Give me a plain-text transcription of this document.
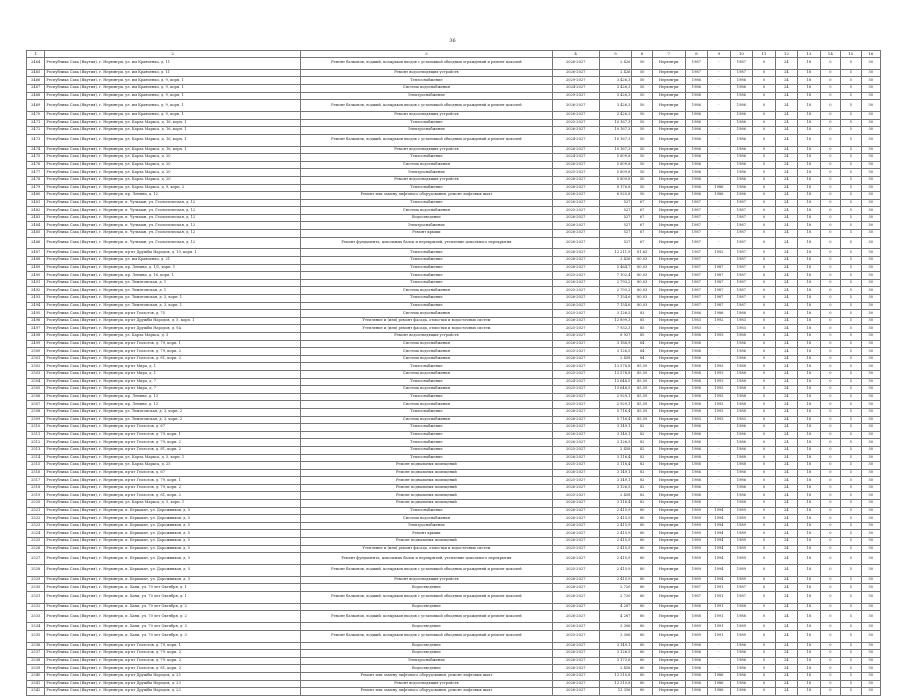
36
1	2	3	4	5	6	7	8	9	10	11	12	13	14	15	16
2464	Республика Саха (Якутия), г. Нерюнгри, ул. им Кравченко, д. 11	Ремонт балконов, лоджий, козырьков входов с установкой обходных ограждений и ремонт цоколей	2026-2027	2 426	50	Нерюнгри	1987	-	1987	0	24	18	0	5	50
2465	Республика Саха (Якутия), г. Нерюнгри, ул. им Кравченко, д. 11	Ремонт водоотводящих устройств	2026-2027	2 426	50	Нерюнгри	1987	-	1987	0	24	18	0	5	50
2466	Республика Саха (Якутия), г. Нерюнгри, ул. им Кравченко, д. 9, корп. 1	Теплоснабжение	2029-2027	3 426,3	50	Нерюнгри	1986	-	1986	0	24	18	0	5	50
2467	Республика Саха (Якутия), г. Нерюнгри, ул. им Кравченко, д. 9, корп. 1	Система водоснабжения	2024-2027	3 426,3	50	Нерюнгри	1986	-	1986	0	24	18	0	5	50
2468	Республика Саха (Якутия), г. Нерюнгри, ул. им Кравченко, д. 9, корп. 1	Электроснабжение	2029-2027	3 426,3	50	Нерюнгри	1986	-	1986	0	24	18	0	5	50
2469	Республика Саха (Якутия), г. Нерюнгри, ул. им Кравченко, д. 9, корп. 1	Ремонт балконов, лоджий, козырьков входов с установкой обходных ограждений и ремонт цоколей	2026-2027	3 426,3	50	Нерюнгри	1986	-	1986	0	24	18	0	5	50
2470	Республика Саха (Якутия), г. Нерюнгри, ул. им Кравченко, д. 9, корп. 1	Ремонт водоотводящих устройств	2026-2027	3 426,3	50	Нерюнгри	1986	-	1986	0	24	18	0	5	50
2471	Республика Саха (Якутия), г. Нерюнгри, ул. Карла Маркса, д. 16, корп. 1	Теплоснабжение	2025-2027	10 167,3	50	Нерюнгри	1986	-	1986	0	24	18	0	5	50
2472	Республика Саха (Якутия), г. Нерюнгри, ул. Карла Маркса, д. 16, корп. 1	Электроснабжение	2026-2027	10 167,3	50	Нерюнгри	1986	-	1986	0	24	18	0	5	50
2473	Республика Саха (Якутия), г. Нерюнгри, ул. Карла Маркса, д. 16, корп. 1	Ремонт балконов, лоджий, козырьков входов с установкой обходных ограждений и ремонт цоколей	2024-2027	10 167,3	50	Нерюнгри	1986	-	1986	0	24	18	0	5	50
2474	Республика Саха (Якутия), г. Нерюнгри, ул. Карла Маркса, д. 16, корп. 1	Ремонт водоотводящих устройств	2026-2027	10 167,3	50	Нерюнгри	1986	-	1986	0	24	18	0	5	50
2475	Республика Саха (Якутия), г. Нерюнгри, ул. Карла Маркса, д. 20	Теплоснабжение	2024-2027	5 809,8	50	Нерюнгри	1986	-	1986	0	24	18	0	5	50
2476	Республика Саха (Якутия), г. Нерюнгри, ул. Карла Маркса, д. 20	Система водоснабжения	2026-2027	5 809,8	50	Нерюнгри	1986	-	1986	0	24	18	0	5	50
2477	Республика Саха (Якутия), г. Нерюнгри, ул. Карла Маркса, д. 20	Электроснабжение	2025-2027	5 809,8	50	Нерюнгри	1986	-	1986	0	24	18	0	5	50
2478	Республика Саха (Якутия), г. Нерюнгри, ул. Карла Маркса, д. 20	Ремонт водоотводящих устройств	2026-2027	5 809,8	50	Нерюнгри	1986	-	1986	0	24	18	0	5	50
2479	Республика Саха (Якутия), г. Нерюнгри, ул. Карла Маркса, д. 9, корп. 2	Теплоснабжение	2026-2027	8 176,8	50	Нерюнгри	1986	1986	1986	0	24	18	0	5	50
2480	Республика Саха (Якутия), г. Нерюнгри, пр. Ленина, д. 12	Ремонт или замену лифтового оборудования, ремонт лифтовых шахт	2026-2027	6 925,8	50	Нерюнгри	1986	1986	1986	0	24	18	0	5	50
2481	Республика Саха (Якутия), г. Нерюнгри, п. Чульман, ул. Геологическая, д. 12	Теплоснабжение	2026-2027	527	67	Нерюнгри	1987	-	1987	0	24	18	0	5	50
2482	Республика Саха (Якутия), г. Нерюнгри, п. Чульман, ул. Геологическая, д. 12	Система водоснабжения	2025-2027	527	67	Нерюнгри	1987	-	1987	0	24	18	0	5	50
2483	Республика Саха (Якутия), г. Нерюнгри, п. Чульман, ул. Геологическая, д. 12	Водоотведение	2026-2027	527	67	Нерюнгри	1987	-	1987	0	24	18	0	5	50
2484	Республика Саха (Якутия), г. Нерюнгри, п. Чульман, ул. Геологическая, д. 12	Электроснабжение	2026-2027	527	67	Нерюнгри	1987	-	1987	0	24	18	0	5	50
2485	Республика Саха (Якутия), г. Нерюнгри, п. Чульман, ул. Геологическая, д. 12	Ремонт крыши	2026-2027	527	67	Нерюнгри	1987	-	1987	0	24	18	0	5	50
2486	Республика Саха (Якутия), г. Нерюнгри, п. Чульман, ул. Геологическая, д. 12	Ремонт фундамента, цокольных балок и перекрытий, утепление цокольного перекрытия	2026-2027	527	67	Нерюнгри	1987	-	1987	0	24	18	0	5	50
2487	Республика Саха (Якутия), г. Нерюнгри, пр-кт Дружбы Народов, д. 19, корп. 1	Теплоснабжение	2026-2027	12 211,9	81,63	Нерюнгри	1987	1992	1987	0	24	18	0	5	50
2488	Республика Саха (Якутия), г. Нерюнгри, ул. им Кравченко, д. 21	Теплоснабжение	2026-2027	3 426	80,03	Нерюнгри	1987	-	1987	0	24	18	0	5	50
2489	Республика Саха (Якутия), г. Нерюнгри, пр. Ленина, д. 1/1, корп. 1	Теплоснабжение	2026-2027	5 464,7	80,03	Нерюнгри	1987	1987	1987	0	24	18	0	5	50
2490	Республика Саха (Якутия), г. Нерюнгри, пр. Ленина, д. 16, корп. 1	Теплоснабжение	2025-2027	7 102,4	80,03	Нерюнгри	1987	1987	1987	0	24	18	0	5	50
2491	Республика Саха (Якутия), г. Нерюнгри, ул. Тимптонская, д. 1	Теплоснабжение	2026-2027	2 793,2	80,03	Нерюнгри	1987	1987	1987	0	24	18	0	5	50
2492	Республика Саха (Якутия), г. Нерюнгри, ул. Тимптонская, д. 1	Система водоснабжения	2025-2027	2 793,2	80,03	Нерюнгри	1987	1987	1987	0	24	18	0	5	50
2493	Республика Саха (Якутия), г. Нерюнгри, ул. Тимптонская, д. 3, корп. 1	Теплоснабжение	2026-2027	7 154,6	80,03	Нерюнгри	1987	1987	1987	0	24	18	0	5	50
2494	Республика Саха (Якутия), г. Нерюнгри, ул. Тимптонская, д. 3, корп. 1	Теплоснабжение	2026-2027	7 154,6	80,03	Нерюнгри	1987	1987	1987	0	24	18	0	5	50
2495	Республика Саха (Якутия), г. Нерюнгри, пр-кт Геологов, д. 75	Система водоснабжения	2025-2027	3 126,5	83	Нерюнгри	1986	1986	1986	0	24	18	0	5	50
2496	Республика Саха (Якутия), г. Нерюнгри, пр-кт Дружбы Народов, д. 5, корп. 1	Утепление и (или) ремонт фасада, отмостки и водосточных систем	2026-2027	12 899,3	85	Нерюнгри	1983	1992	1983	0	24	18	0	5	50
2497	Республика Саха (Якутия), г. Нерюнгри, пр-кт Дружбы Народов, д. 9А	Утепление и (или) ремонт фасада, отмостки и водосточных систем	2025-2027	7 932,3	85	Нерюнгри	1983	-	1983	0	24	18	0	5	50
2498	Республика Саха (Якутия), г. Нерюнгри, ул. Карла Маркса, д. 3	Ремонт водоотводящих устройств	2026-2027	8 927	85	Нерюнгри	1988	1993	1988	0	24	18	0	5	50
2499	Республика Саха (Якутия), г. Нерюнгри, пр-кт Геологов, д. 79, корп. 1	Система водоснабжения	2026-2027	3 186,9	84	Нерюнгри	1986	-	1986	0	24	18	0	5	50
2500	Республика Саха (Якутия), г. Нерюнгри, пр-кт Геологов, д. 79, корп. 2	Система водоснабжения	2025-2027	3 126,5	84	Нерюнгри	1986	-	1986	0	24	18	0	5	50
2501	Республика Саха (Якутия), г. Нерюнгри, пр-кт Геологов, д. 81, корп. 2	Система водоснабжения	2026-2027	2 458	84	Нерюнгри	1986	-	1986	0	24	18	0	5	50
2502	Республика Саха (Якутия), г. Нерюнгри, пр-кт Мира, д. 1	Теплоснабжение	2026-2027	13 578,8	85,59	Нерюнгри	1988	1993	1988	0	24	18	0	5	50
2503	Республика Саха (Якутия), г. Нерюнгри, пр-кт Мира, д. 1	Система водоснабжения	2025-2027	13 578,8	85,59	Нерюнгри	1988	1993	1988	0	24	18	0	5	50
2504	Республика Саха (Якутия), г. Нерюнгри, пр-кт Мира, д. 7	Теплоснабжение	2024-2027	13 648,5	85,59	Нерюнгри	1988	1993	1988	0	24	18	0	5	50
2505	Республика Саха (Якутия), г. Нерюнгри, пр-кт Мира, д. 7	Система водоснабжения	2025-2027	13 648,5	85,59	Нерюнгри	1988	1993	1988	0	24	18	0	5	50
2506	Республика Саха (Якутия), г. Нерюнгри, пр. Ленина, д. 13	Теплоснабжение	2026-2027	2 929,1	85,59	Нерюнгри	1988	1993	1988	0	24	18	0	5	50
2507	Республика Саха (Якутия), г. Нерюнгри, пр. Ленина, д. 13	Система водоснабжения	2025-2027	2 929,1	85,59	Нерюнгри	1988	1993	1988	0	24	18	0	5	50
2508	Республика Саха (Якутия), г. Нерюнгри, ул. Тимптонская, д. 3, корп. 2	Теплоснабжение	2026-2027	5 716,4	85,59	Нерюнгри	1988	1993	1988	0	24	18	0	5	50
2509	Республика Саха (Якутия), г. Нерюнгри, ул. Тимптонская, д. 3, корп. 2	Система водоснабжения	2026-2027	5 716,4	85,59	Нерюнгри	1983	1993	1983	0	24	18	0	5	50
2510	Республика Саха (Якутия), г. Нерюнгри, пр-кт Геологов, д. 67	Теплоснабжение	2026-2027	3 149,1	82	Нерюнгри	1986	-	1986	0	24	18	0	5	50
2511	Республика Саха (Якутия), г. Нерюнгри, пр-кт Геологов, д. 79, корп. 1	Теплоснабжение	2026-2027	3 149,1	82	Нерюнгри	1986	-	1986	0	24	18	0	5	50
2512	Республика Саха (Якутия), г. Нерюнгри, пр-кт Геологов, д. 79, корп. 2	Теплоснабжение	2026-2027	3 126,5	82	Нерюнгри	1986	-	1986	0	24	18	0	5	50
2513	Республика Саха (Якутия), г. Нерюнгри, пр-кт Геологов, д. 81, корп. 2	Теплоснабжение	2025-2027	2 458	82	Нерюнгри	1986	-	1986	0	24	18	0	5	50
2514	Республика Саха (Якутия), г. Нерюнгри, ул. Карла Маркса, д. 5, корп. 1	Теплоснабжение	2026-2027	3 116,4	82	Нерюнгри	1988	-	1988	0	24	18	0	5	50
2515	Республика Саха (Якутия), г. Нерюнгри, ул. Карла Маркса, д. 25	Ремонт подвальных помещений	2025-2027	3 116,4	82	Нерюнгри	1988	-	1988	0	24	18	0	5	50
2516	Республика Саха (Якутия), г. Нерюнгри, пр-кт Геологов, д. 67	Ремонт подвальных помещений	2026-2027	3 149,1	82	Нерюнгри	1986	-	1986	0	24	18	0	5	50
2517	Республика Саха (Якутия), г. Нерюнгри, пр-кт Геологов, д. 79, корп. 1	Ремонт подвальных помещений	2025-2027	3 149,1	82	Нерюнгри	1986	-	1986	0	24	18	0	5	50
2518	Республика Саха (Якутия), г. Нерюнгри, пр-кт Геологов, д. 79, корп. 2	Ремонт подвальных помещений	2026-2027	3 126,5	82	Нерюнгри	1986	-	1986	0	24	18	0	5	50
2519	Республика Саха (Якутия), г. Нерюнгри, пр-кт Геологов, д. 81, корп. 2	Ремонт подвальных помещений	2025-2027	2 458	82	Нерюнгри	1986	-	1986	0	24	18	0	5	50
2520	Республика Саха (Якутия), г. Нерюнгри, ул. Карла Маркса, д. 5, корп. 1	Ремонт подвальных помещений	2026-2027	3 116,4	82	Нерюнгри	1988	-	1988	0	24	18	0	5	50
2521	Республика Саха (Якутия), г. Нерюнгри, п. Беркакит, ул. Дорожников, д. 5	Теплоснабжение	2026-2027	2 415,9	80	Нерюнгри	1989	1994	1989	0	24	18	0	5	50
2522	Республика Саха (Якутия), г. Нерюнгри, п. Беркакит, ул. Дорожников, д. 5	Система водоснабжения	2026-2027	2 415,9	80	Нерюнгри	1989	1994	1989	0	24	18	0	5	50
2523	Республика Саха (Якутия), г. Нерюнгри, п. Беркакит, ул. Дорожников, д. 5	Электроснабжение	2026-2027	2 415,9	80	Нерюнгри	1989	1994	1989	0	24	18	0	5	50
2524	Республика Саха (Якутия), г. Нерюнгри, п. Беркакит, ул. Дорожников, д. 5	Ремонт крыши	2026-2027	2 415,9	80	Нерюнгри	1989	1994	1989	0	24	18	0	5	50
2525	Республика Саха (Якутия), г. Нерюнгри, п. Беркакит, ул. Дорожников, д. 5	Ремонт подвальных помещений	2026-2027	2 415,9	80	Нерюнгри	1989	1994	1989	0	24	18	0	5	50
2526	Республика Саха (Якутия), г. Нерюнгри, п. Беркакит, ул. Дорожников, д. 5	Утепление и (или) ремонт фасада, отмостки и водосточных систем	2025-2027	2 415,9	80	Нерюнгри	1989	1994	1989	0	24	18	0	5	50
2527	Республика Саха (Якутия), г. Нерюнгри, п. Беркакит, ул. Дорожников, д. 5	Ремонт фундамента, цокольных балок и перекрытий, утепление цокольного перекрытия	2026-2027	2 415,9	80	Нерюнгри	1989	1994	1989	0	24	18	0	5	50
2528	Республика Саха (Якутия), г. Нерюнгри, п. Беркакит, ул. Дорожников, д. 5	Ремонт балконов, лоджий, козырьков входов с установкой обходных ограждений и ремонт цоколей	2025-2027	2 415,9	80	Нерюнгри	1989	1994	1989	0	24	18	0	5	50
2529	Республика Саха (Якутия), г. Нерюнгри, п. Беркакит, ул. Дорожников, д. 5	Ремонт водоотводящих устройств	2026-2027	2 415,9	80	Нерюнгри	1989	1994	1989	0	24	18	0	5	50
2530	Республика Саха (Якутия), г. Нерюнгри, п. Хани, ул. 70 лет Октября, д. 1	Водоотведение	2026-2027	2 720	80	Нерюнгри	1987	1991	1987	0	24	18	0	5	50
2531	Республика Саха (Якутия), г. Нерюнгри, п. Хани, ул. 70 лет Октября, д. 1	Ремонт балконов, лоджий, козырьков входов с установкой обходных ограждений и ремонт цоколей	2026-2027	2 720	80	Нерюнгри	1987	1991	1987	0	24	18	0	5	50
2532	Республика Саха (Якутия), г. Нерюнгри, п. Хани, ул. 70 лет Октября, д. 2	Водоотведение	2026-2027	4 287	80	Нерюнгри	1988	1991	1988	0	24	18	0	5	50
2533	Республика Саха (Якутия), г. Нерюнгри, п. Хани, ул. 70 лет Октября, д. 2	Ремонт балконов, лоджий, козырьков входов с установкой обходных ограждений и ремонт цоколей	2026-2027	4 287	80	Нерюнгри	1988	1991	1988	0	24	18	0	5	50
2534	Республика Саха (Якутия), г. Нерюнгри, п. Хани, ул. 70 лет Октября, д. 3	Водоотведение	2026-2027	3 306	80	Нерюнгри	1989	1991	1989	0	24	18	0	5	50
2535	Республика Саха (Якутия), г. Нерюнгри, п. Хани, ул. 70 лет Октября, д. 3	Ремонт балконов, лоджий, козырьков входов с установкой обходных ограждений и ремонт цоколей	2025-2027	3 306	80	Нерюнгри	1989	1991	1989	0	24	18	0	5	50
2536	Республика Саха (Якутия), г. Нерюнгри, пр-кт Геологов, д. 79, корп. 1	Водоотведение	2026-2027	3 149,1	80	Нерюнгри	1986	-	1986	0	24	18	0	5	50
2537	Республика Саха (Якутия), г. Нерюнгри, пр-кт Геологов, д. 79, корп. 2	Водоотведение	2026-2027	3 126,5	80	Нерюнгри	1986	-	1986	0	24	18	0	5	50
2538	Республика Саха (Якутия), г. Нерюнгри, пр-кт Геологов, д. 79, корп. 2	Электроснабжение	2026-2027	3 173,6	80	Нерюнгри	1986	-	1986	0	24	18	0	5	50
2539	Республика Саха (Якутия), г. Нерюнгри, пр-кт Геологов, д. 81, корп. 2	Водоотведение	2026-2027	2 458	80	Нерюнгри	1986	-	1986	0	24	18	0	5	50
2540	Республика Саха (Якутия), г. Нерюнгри, пр-кт Дружбы Народов, д. 25	Ремонт или замену лифтового оборудования, ремонт лифтовых шахт	2026-2027	13 310,8	80	Нерюнгри	1986	1986	1986	0	24	18	0	5	50
2541	Республика Саха (Якутия), г. Нерюнгри, пр-кт Дружбы Народов, д. 23	Ремонт водоотводящих устройств	2026-2027	13 310,8	80	Нерюнгри	1986	1986	1986	0	24	18	0	5	50
2542	Республика Саха (Якутия), г. Нерюнгри, пр-кт Дружбы Народов, д. 23	Ремонт или замену лифтового оборудования, ремонт лифтовых шахт	2026-2027	13 356	80	Нерюнгри	1986	1986	1986	0	24	18	0	5	50
